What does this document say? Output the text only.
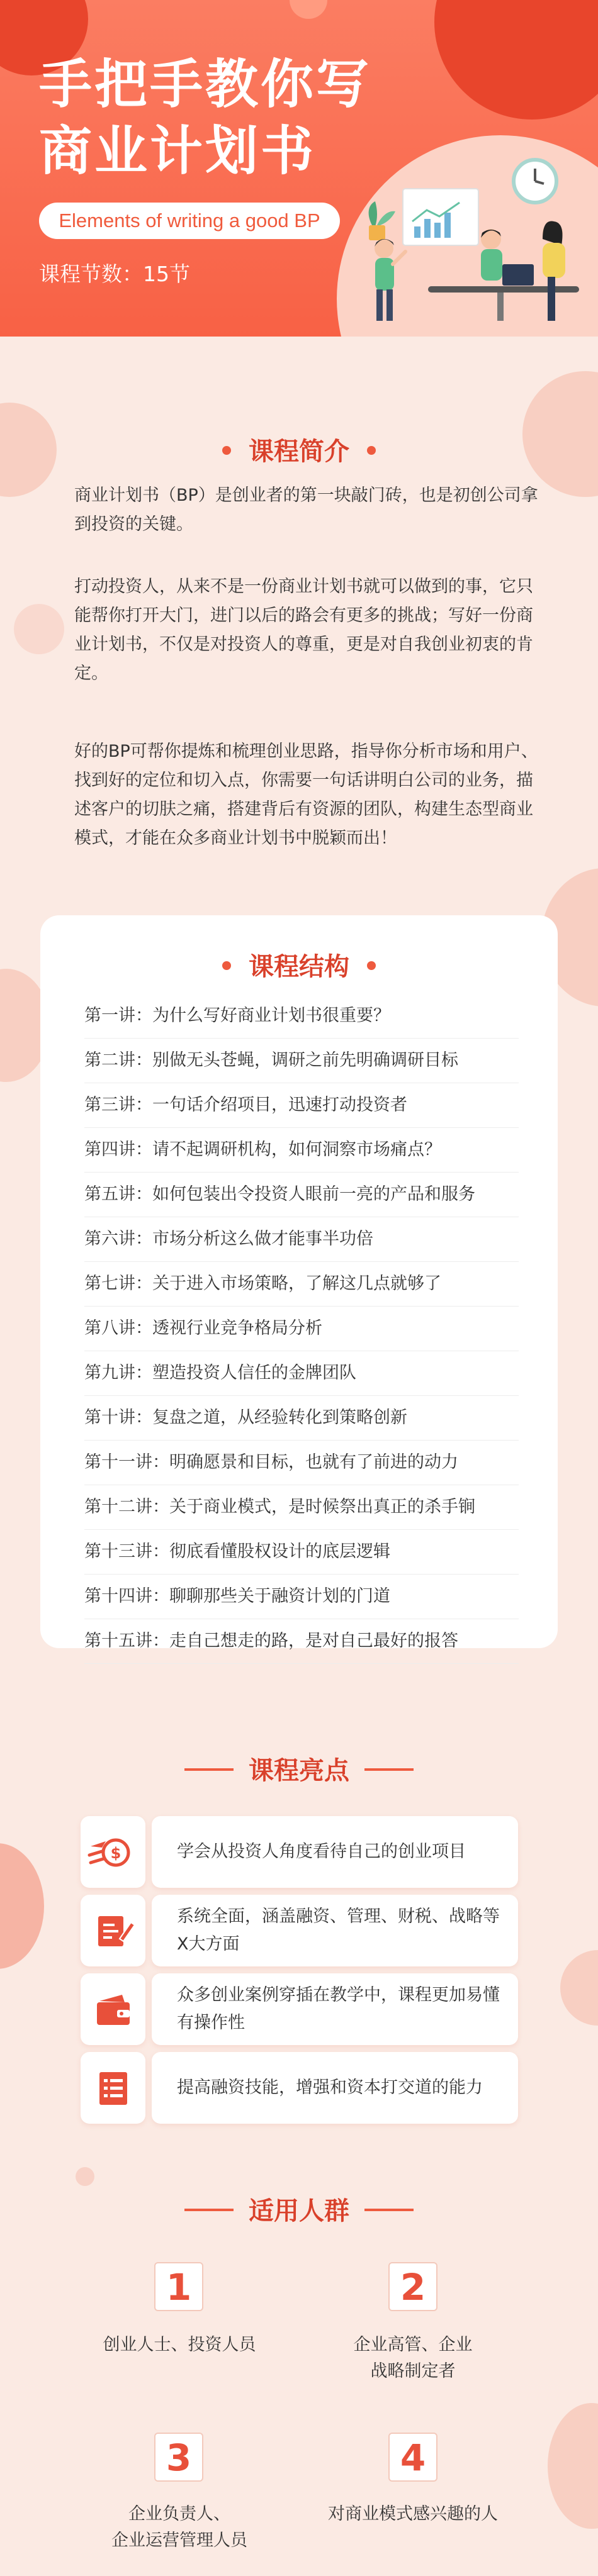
手把手教你写
商业计划书
Elements of writing a good BP
课程节数：15节
课程简介
商业计划书（BP）是创业者的第一块敲门砖，也是初创公司拿到投资的关键。
打动投资人，从来不是一份商业计划书就可以做到的事，它只能帮你打开大门，进门以后的路会有更多的挑战；写好一份商业计划书，不仅是对投资人的尊重，更是对自我创业初衷的肯定。
好的BP可帮你提炼和梳理创业思路，指导你分析市场和用户、找到好的定位和切入点，你需要一句话讲明白公司的业务，描述客户的切肤之痛，搭建背后有资源的团队，构建生态型商业模式，才能在众多商业计划书中脱颖而出！
课程结构
第一讲：为什么写好商业计划书很重要？
第二讲：别做无头苍蝇，调研之前先明确调研目标
第三讲：一句话介绍项目，迅速打动投资者
第四讲：请不起调研机构，如何洞察市场痛点？
第五讲：如何包装出令投资人眼前一亮的产品和服务
第六讲：市场分析这么做才能事半功倍
第七讲：关于进入市场策略，了解这几点就够了
第八讲：透视行业竞争格局分析
第九讲：塑造投资人信任的金牌团队
第十讲：复盘之道，从经验转化到策略创新
第十一讲：明确愿景和目标，也就有了前进的动力
第十二讲：关于商业模式，是时候祭出真正的杀手锏
第十三讲：彻底看懂股权设计的底层逻辑
第十四讲：聊聊那些关于融资计划的门道
第十五讲：走自己想走的路，是对自己最好的报答
课程亮点
$	学会从投资人角度看待自己的创业项目
系统全面，涵盖融资、管理、财税、战略等X大方面
众多创业案例穿插在教学中，课程更加易懂有操作性
提高融资技能，增强和资本打交道的能力
适用人群
1
创业人士、投资人员
2
企业高管、企业
战略制定者
3
企业负责人、
企业运营管理人员
4
对商业模式感兴趣的人
